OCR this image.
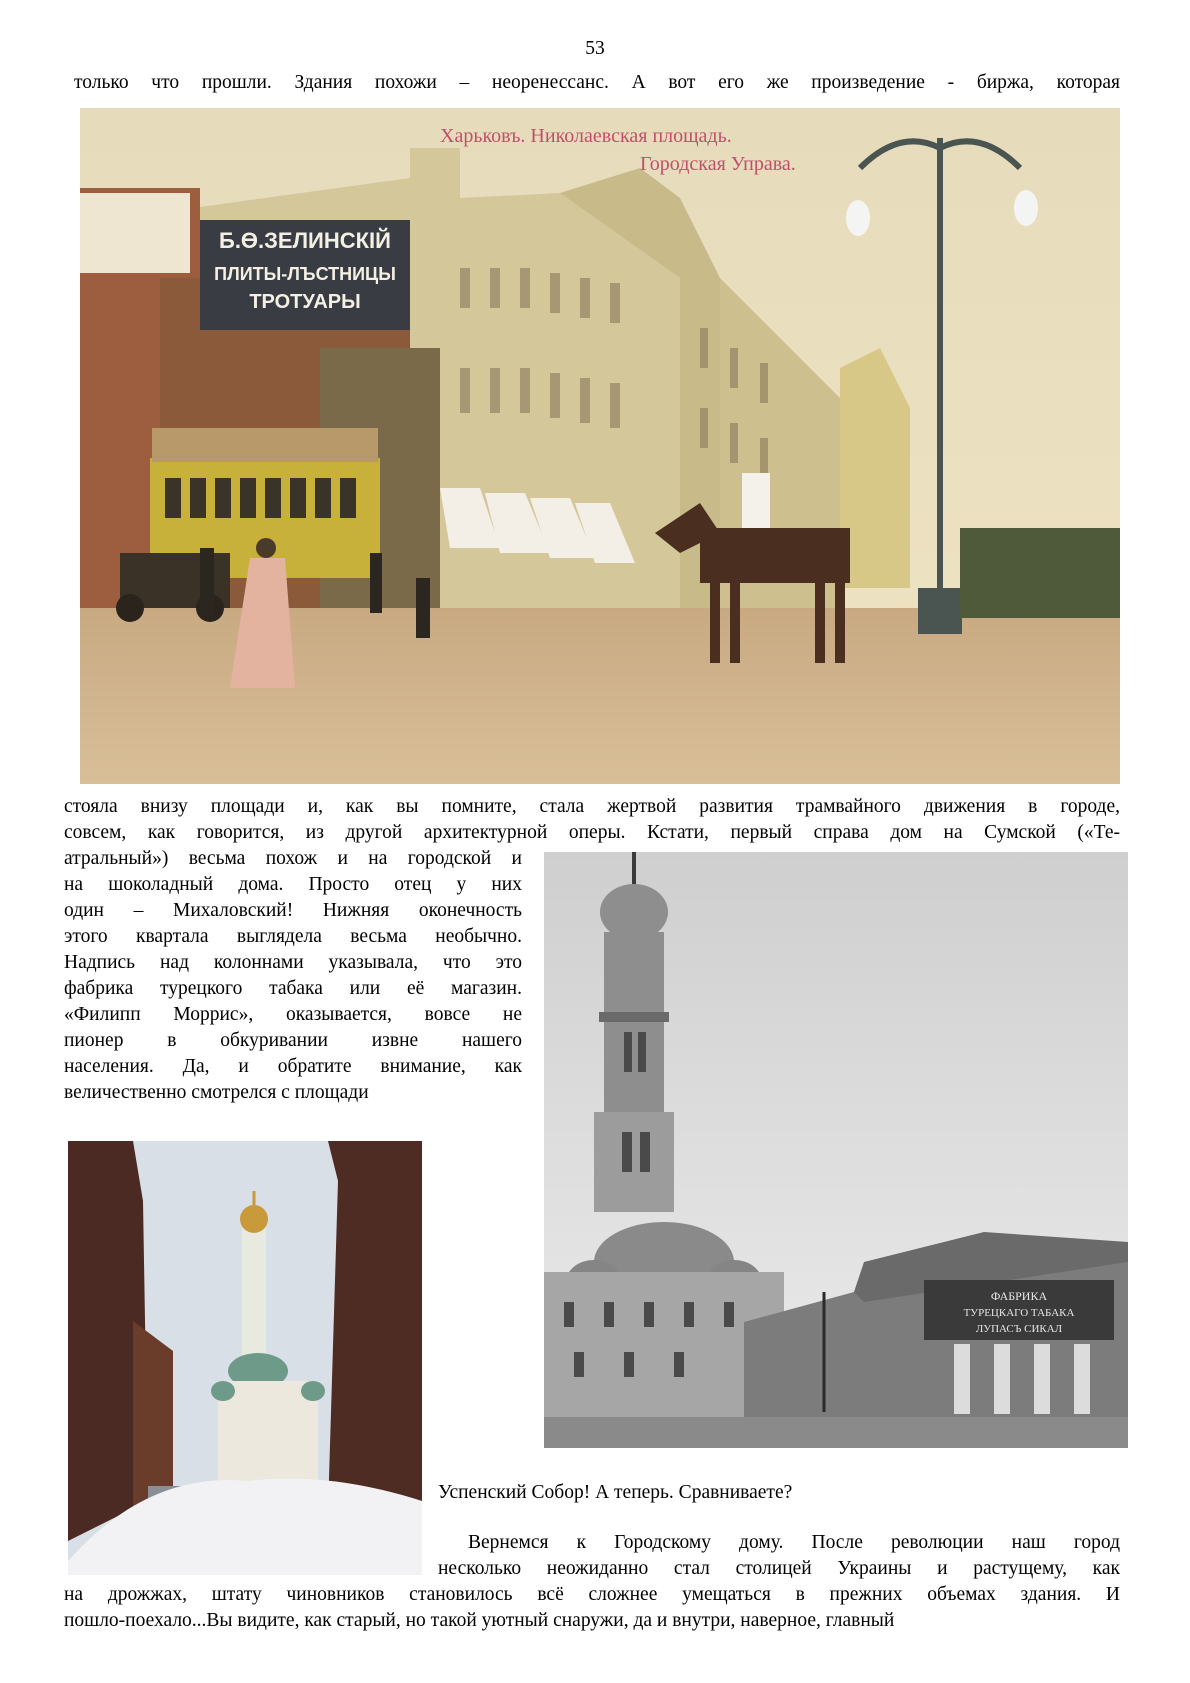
53
только что прошли. Здания похожи – неоренессанс. А вот его же произведение - биржа, которая
Б.Ө.ЗЕЛИНСКІЙ
ПЛИТЫ-ЛЪСТНИЦЫ
ТРОТУАРЫ
Харьковъ. Николаевская площадь.
Городская Управа.
стояла внизу площади и, как вы помните, стала жертвой развития трамвайного движения в городе,
совсем, как говорится, из другой архитектурной оперы. Кстати, первый справа дом на Сумской («Те-
атральный») весьма похож и на городской и
на шоколадный дома. Просто отец у них
один – Михаловский! Нижняя оконечность
этого квартала выглядела весьма необычно.
Надпись над колоннами указывала, что это
фабрика турецкого табака или её магазин.
«Филипп Моррис», оказывается, вовсе не
пионер в обкуривании извне нашего
населения. Да, и обратите внимание, как
величественно смотрелся с площади
ФАБРИКА
ТУРЕЦКАГО ТАБАКА
ЛУПАСЪ СИКАЛ
Успенский Собор! А теперь. Сравниваете?
Вернемся к Городскому дому. После революции наш город
несколько неожиданно стал столицей Украины и растущему, как
на дрожжах, штату чиновников становилось всё сложнее умещаться в прежних объемах здания. И
пошло-поехало...Вы видите, как старый, но такой уютный снаружи, да и внутри, наверное, главный
